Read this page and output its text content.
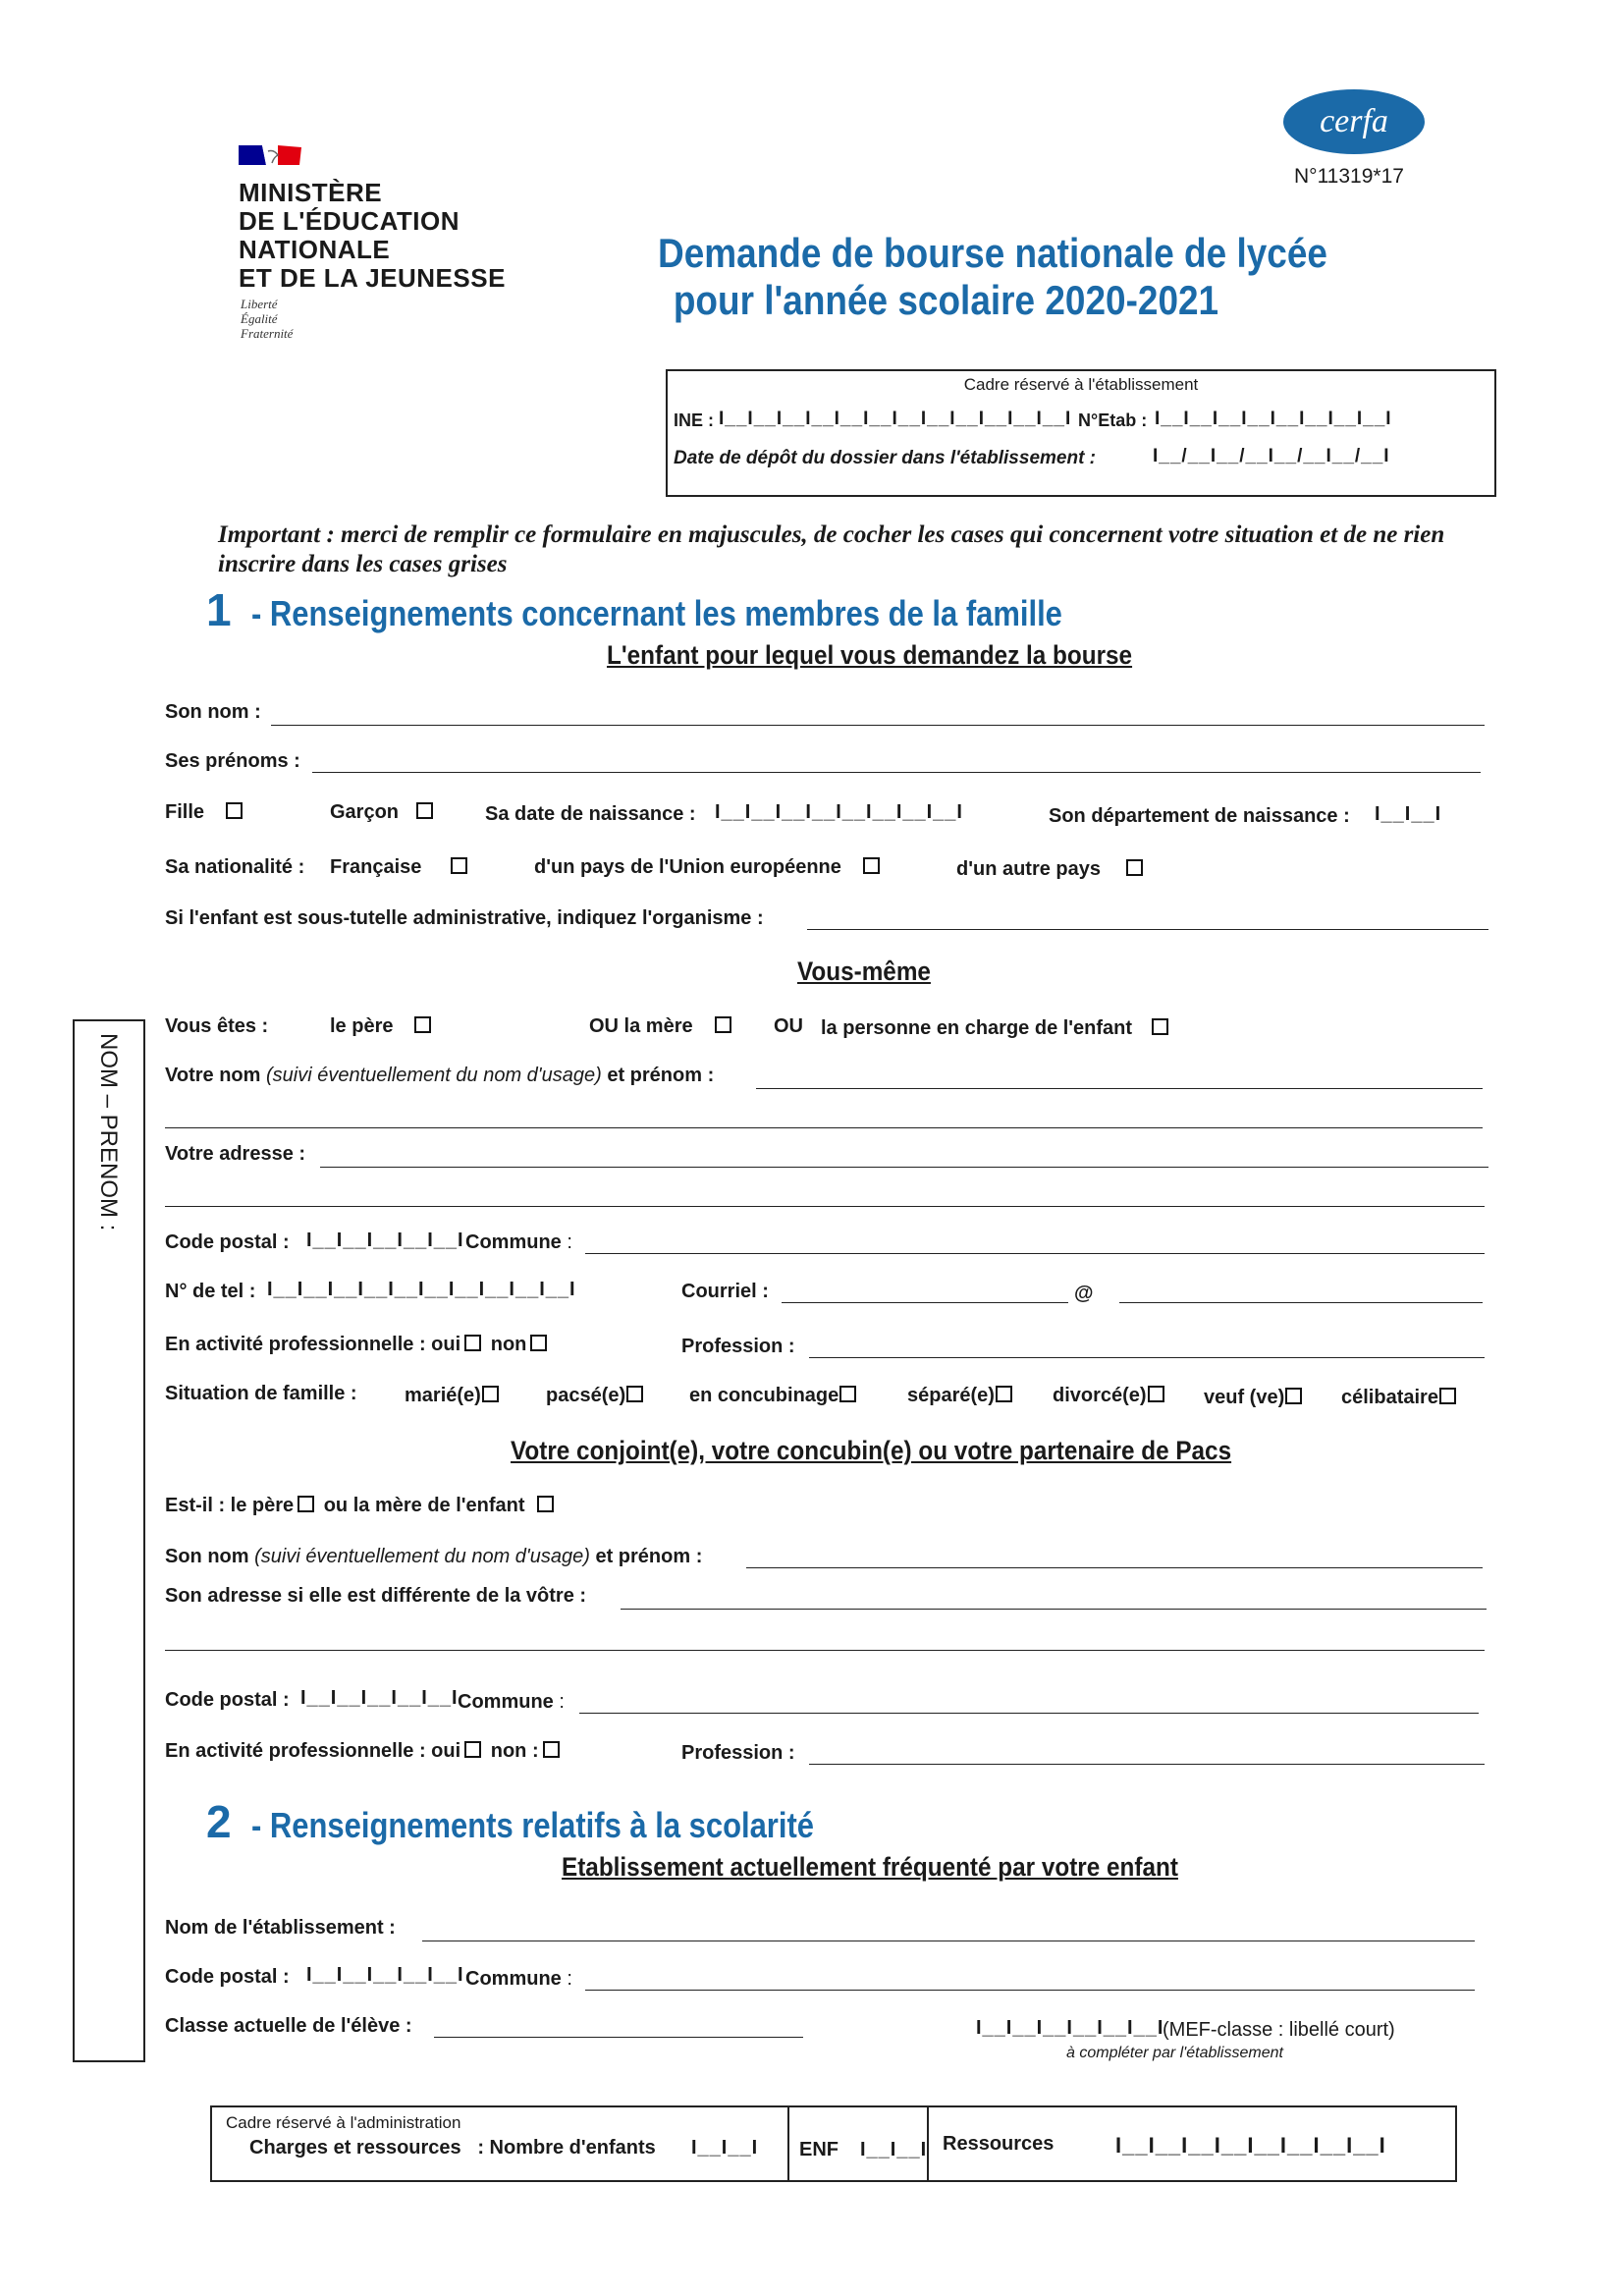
MINISTÈRE
DE L'ÉDUCATION
NATIONALE
ET DE LA JEUNESSE
Liberté
Égalité
Fraternité
cerfa
N°11319*17
Demande de bourse nationale de lycée
pour l'année scolaire 2020-2021
Cadre réservé à l'établissement
INE : I__I__I__I__I__I__I__I__I__I__I__I__I N°Etab : I__I__I__I__I__I__I__I__I
Date de dépôt du dossier dans l'établissement :	I__/__I__/__I__/__I__/__I
Important : merci de remplir ce formulaire en majuscules, de cocher les cases qui concernent votre situation et de ne rien inscrire dans les cases grises
1 - Renseignements concernant les membres de la famille
L'enfant pour lequel vous demandez la bourse
Son nom :
Ses prénoms :
Fille	Garçon	Sa date de naissance : I__I__I__I__I__I__I__I__I	Son département de naissance : I__I__I
Sa nationalité : Française	d'un pays de l'Union européenne	d'un autre pays
Si l'enfant est sous-tutelle administrative, indiquez l'organisme :
Vous-même
Vous êtes :	le père	OU la mère	OU la personne en charge de l'enfant
Votre nom (suivi éventuellement du nom d'usage) et prénom :
Votre adresse :
Code postal : I__I__I__I__I__I Commune :
N° de tel : I__I__I__I__I__I__I__I__I__I__I	Courriel :	@
En activité professionnelle : oui non	Profession :
Situation de famille : marié(e)	pacsé(e)	en concubinage	séparé(e)	divorcé(e)	veuf (ve)	célibataire
Votre conjoint(e), votre concubin(e) ou votre partenaire de Pacs
Est-il : le père ou la mère de l'enfant
Son nom (suivi éventuellement du nom d'usage) et prénom :
Son adresse si elle est différente de la vôtre :
Code postal : I__I__I__I__I__I Commune :
En activité professionnelle : oui non :	Profession :
2 - Renseignements relatifs à la scolarité
Etablissement actuellement fréquenté par votre enfant
Nom de l'établissement :
Code postal : I__I__I__I__I__I Commune :
Classe actuelle de l'élève :	I__I__I__I__I__I__I
(MEF-classe : libellé court)
à compléter par l'établissement
NOM – PRENOM :
Cadre réservé à l'administration
Charges et ressources : Nombre d'enfants I__I__I ENF I__I__I Ressources	I__I__I__I__I__I__I__I__I
